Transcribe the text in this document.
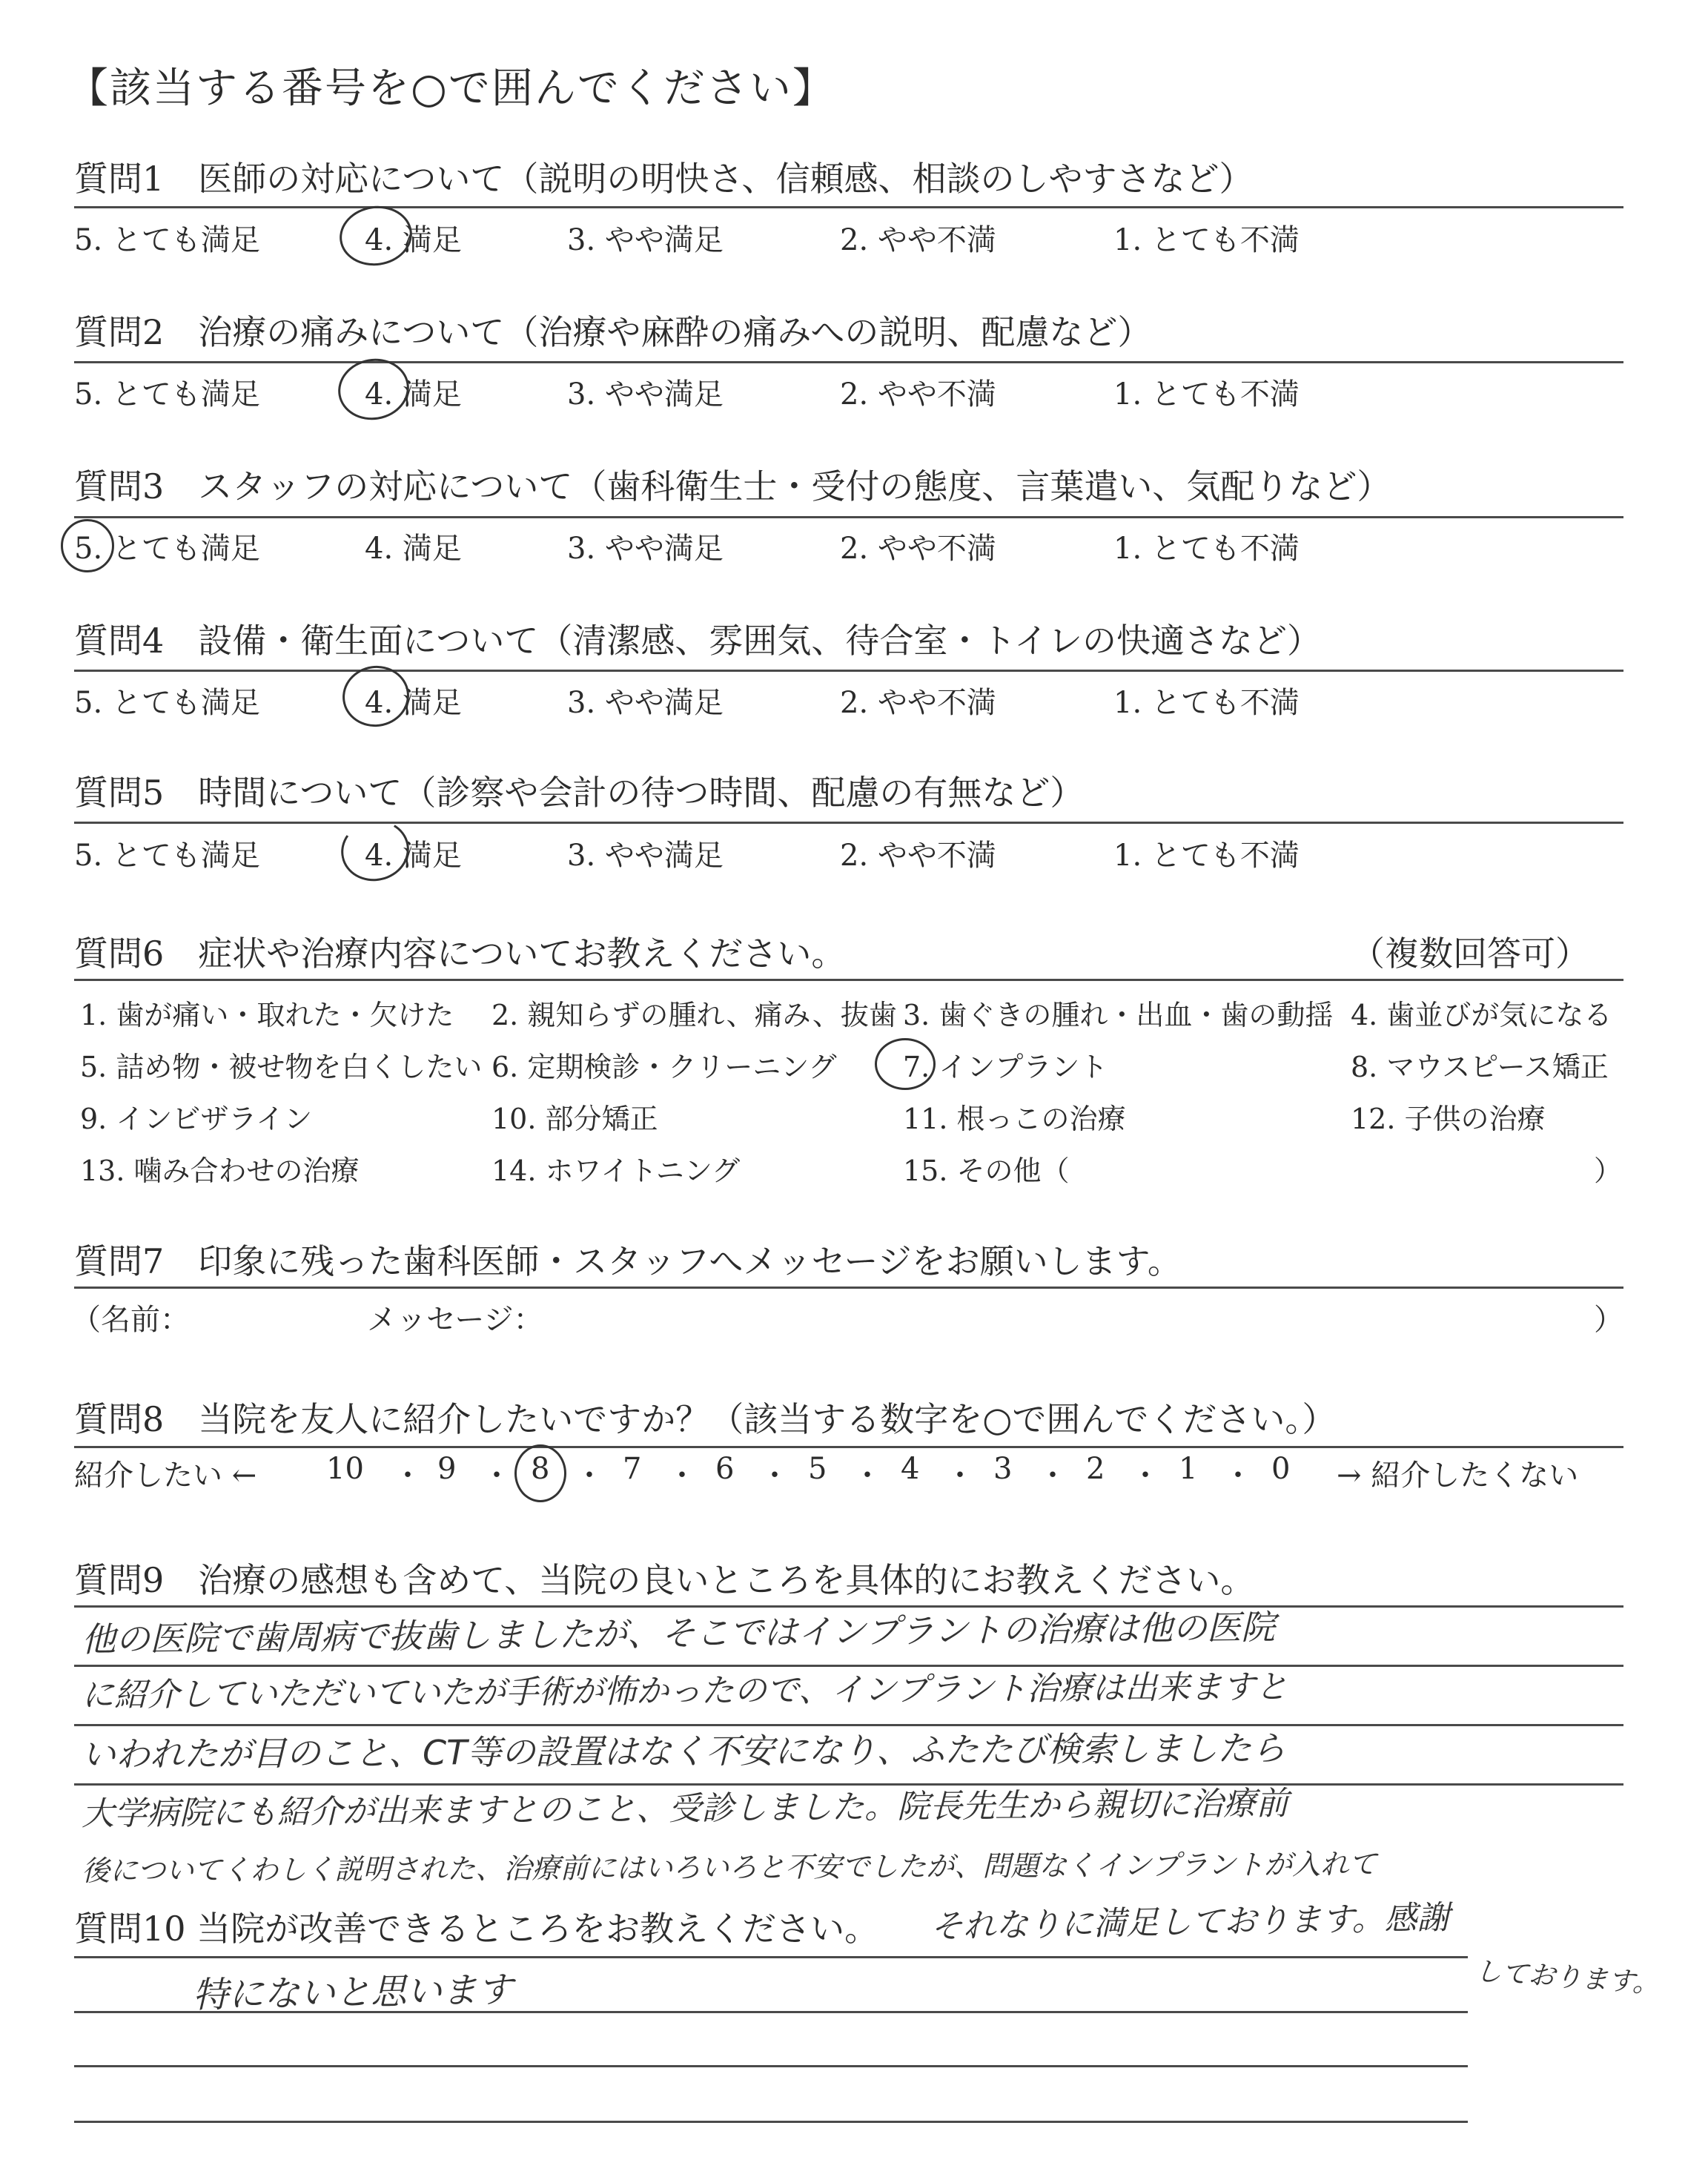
【該当する番号を○で囲んでください】
質問1　医師の対応について（説明の明快さ、信頼感、相談のしやすさなど）
5. とても満足	4. 満足	3. やや満足	2. やや不満	1. とても不満
質問2　治療の痛みについて（治療や麻酔の痛みへの説明、配慮など）
5. とても満足	4. 満足	3. やや満足	2. やや不満	1. とても不満
質問3　スタッフの対応について（歯科衛生士・受付の態度、言葉遣い、気配りなど）
5. とても満足	4. 満足	3. やや満足	2. やや不満	1. とても不満
質問4　設備・衛生面について（清潔感、雰囲気、待合室・トイレの快適さなど）
5. とても満足	4. 満足	3. やや満足	2. やや不満	1. とても不満
質問5　時間について（診察や会計の待つ時間、配慮の有無など）
5. とても満足	4. 満足	3. やや満足	2. やや不満	1. とても不満
質問6　症状や治療内容についてお教えください。	（複数回答可）
1. 歯が痛い・取れた・欠けた 2. 親知らずの腫れ、痛み、抜歯 3. 歯ぐきの腫れ・出血・歯の動揺 4. 歯並びが気になる
5. 詰め物・被せ物を白くしたい 6. 定期検診・クリーニング 7. インプラント	8. マウスピース矯正
9. インビザライン	10. 部分矯正	11. 根っこの治療	12. 子供の治療
13. 噛み合わせの治療	14. ホワイトニング	15. その他（	）
質問7　印象に残った歯科医師・スタッフへメッセージをお願いします。
（名前：	メッセージ：	）
質問8　当院を友人に紹介したいですか？（該当する数字を○で囲んでください。）
紹介したい ←	→ 紹介したくない
10 ・ 9 ・ 8 ・ 7 ・ 6 ・ 5 ・ 4 ・ 3 ・ 2 ・ 1 ・ 0
質問9　治療の感想も含めて、当院の良いところを具体的にお教えください。
他の医院で歯周病で抜歯しましたが、そこではインプラントの治療は他の医院
に紹介していただいていたが手術が怖かったので、インプラント治療は出来ますと
いわれたが目のこと、CT等の設置はなく不安になり、ふたたび検索しましたら
大学病院にも紹介が出来ますとのこと、受診しました。院長先生から親切に治療前
後についてくわしく説明された、治療前にはいろいろと不安でしたが、問題なくインプラントが入れて
質問10 当院が改善できるところをお教えください。 それなりに満足しております。感謝
しております。
特にないと思います
